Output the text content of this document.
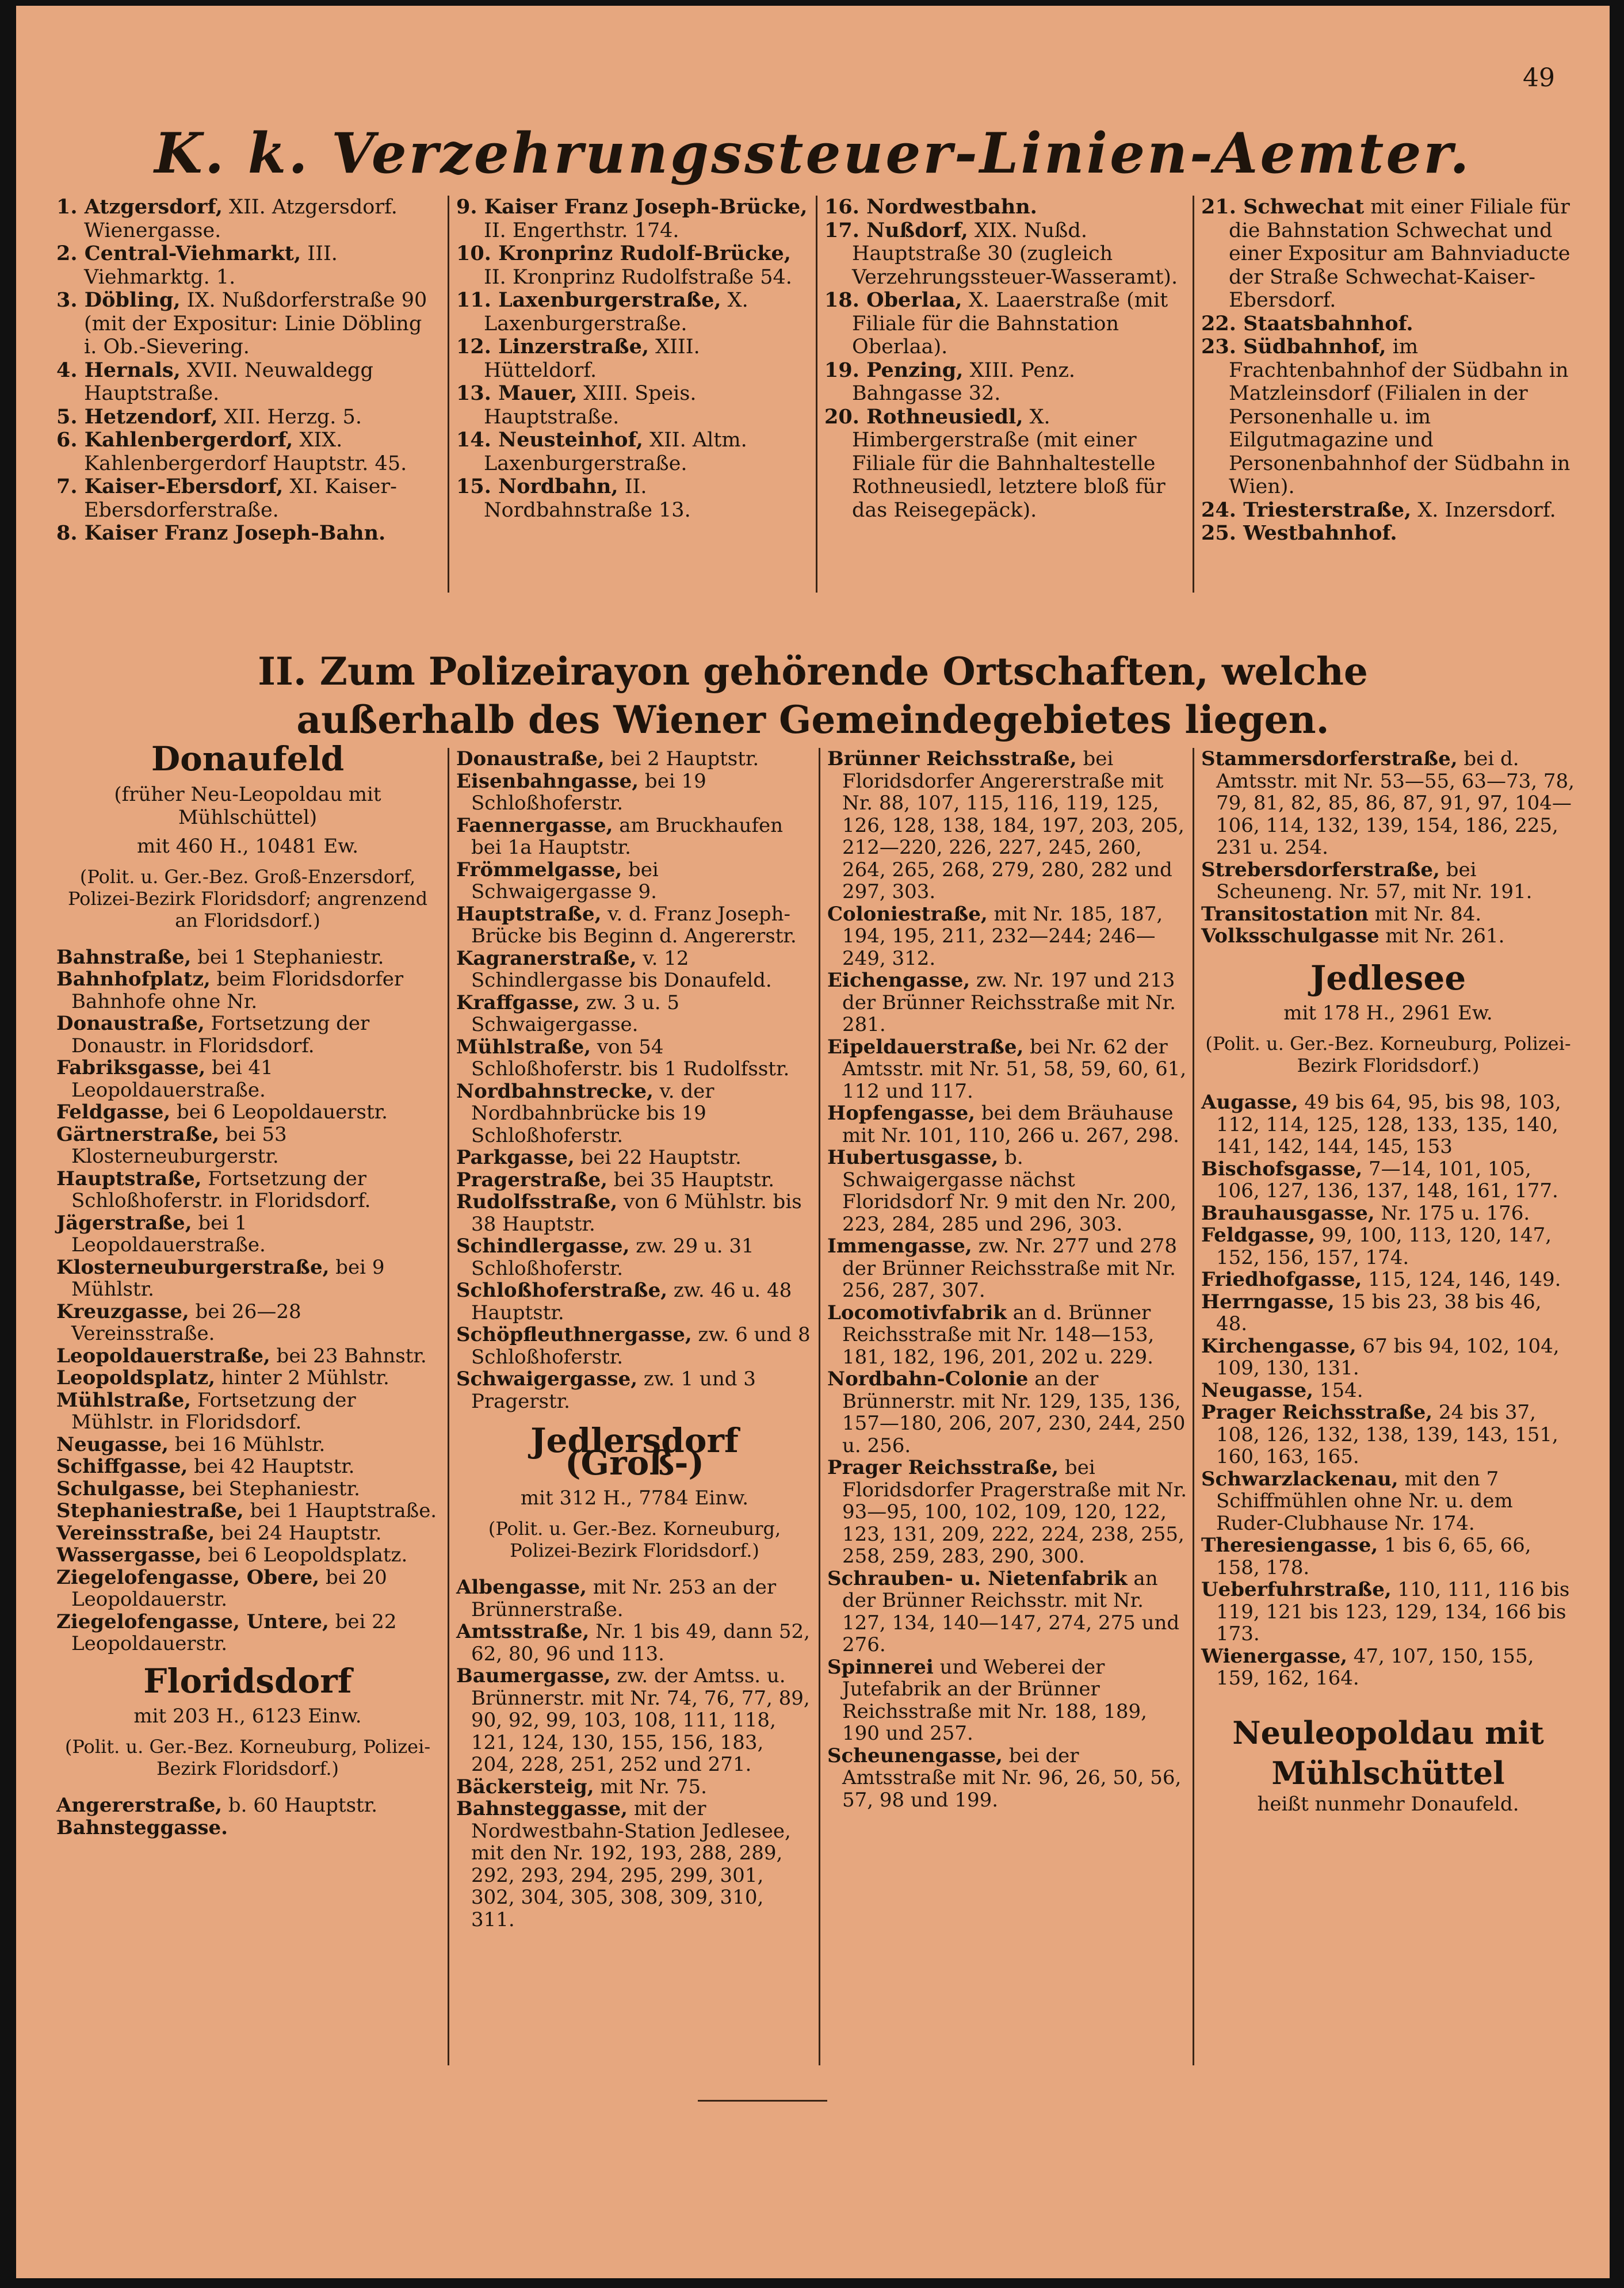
49
K. k. Verzehrungssteuer-Linien-Aemter.
1. Atzgersdorf, XII. Atzgersdorf. Wienergasse.
2. Central-Viehmarkt, III. Viehmarktg. 1.
3. Döbling, IX. Nußdorferstraße 90 (mit der Expositur: Linie Döbling i. Ob.-Sievering.
4. Hernals, XVII. Neuwaldegg Hauptstraße.
5. Hetzendorf, XII. Herzg. 5.
6. Kahlenbergerdorf, XIX. Kahlenbergerdorf Hauptstr. 45.
7. Kaiser-Ebersdorf, XI. Kaiser-Ebersdorferstraße.
8. Kaiser Franz Joseph-Bahn.
9. Kaiser Franz Joseph-Brücke, II. Engerthstr. 174.
10. Kronprinz Rudolf-Brücke, II. Kronprinz Rudolfstraße 54.
11. Laxenburgerstraße, X. Laxenburgerstraße.
12. Linzerstraße, XIII. Hütteldorf.
13. Mauer, XIII. Speis. Hauptstraße.
14. Neusteinhof, XII. Altm. Laxenburgerstraße.
15. Nordbahn, II. Nordbahnstraße 13.
16. Nordwestbahn.
17. Nußdorf, XIX. Nußd. Hauptstraße 30 (zugleich Verzehrungssteuer-Wasseramt).
18. Oberlaa, X. Laaerstraße (mit Filiale für die Bahnstation Oberlaa).
19. Penzing, XIII. Penz. Bahngasse 32.
20. Rothneusiedl, X. Himbergerstraße (mit einer Filiale für die Bahnhaltestelle Rothneusiedl, letztere bloß für das Reisegepäck).
21. Schwechat mit einer Filiale für die Bahnstation Schwechat und einer Expositur am Bahnviaducte der Straße Schwechat-Kaiser-Ebersdorf.
22. Staatsbahnhof.
23. Südbahnhof, im Frachtenbahnhof der Südbahn in Matzleinsdorf (Filialen in der Personenhalle u. im Eilgutmagazine und Personenbahnhof der Südbahn in Wien).
24. Triesterstraße, X. Inzersdorf.
25. Westbahnhof.
II. Zum Polizeirayon gehörende Ortschaften, welche außerhalb des Wiener Gemeindegebietes liegen.
Donaufeld
(früher Neu-Leopoldau mit Mühlschüttel)
mit 460 H., 10481 Ew.
(Polit. u. Ger.-Bez. Groß-Enzersdorf, Polizei-Bezirk Floridsdorf; angrenzend an Floridsdorf.)
Bahnstraße, bei 1 Stephaniestr.
Bahnhofplatz, beim Floridsdorfer Bahnhofe ohne Nr.
Donaustraße, Fortsetzung der Donaustr. in Floridsdorf.
Fabriksgasse, bei 41 Leopoldauerstraße.
Feldgasse, bei 6 Leopoldauerstr.
Gärtnerstraße, bei 53 Klosterneuburgerstr.
Hauptstraße, Fortsetzung der Schloßhoferstr. in Floridsdorf.
Jägerstraße, bei 1 Leopoldauerstraße.
Klosterneuburgerstraße, bei 9 Mühlstr.
Kreuzgasse, bei 26—28 Vereinsstraße.
Leopoldauerstraße, bei 23 Bahnstr.
Leopoldsplatz, hinter 2 Mühlstr.
Mühlstraße, Fortsetzung der Mühlstr. in Floridsdorf.
Neugasse, bei 16 Mühlstr.
Schiffgasse, bei 42 Hauptstr.
Schulgasse, bei Stephaniestr.
Stephaniestraße, bei 1 Hauptstraße.
Vereinsstraße, bei 24 Hauptstr.
Wassergasse, bei 6 Leopoldsplatz.
Ziegelofengasse, Obere, bei 20 Leopoldauerstr.
Ziegelofengasse, Untere, bei 22 Leopoldauerstr.
Floridsdorf
mit 203 H., 6123 Einw.
(Polit. u. Ger.-Bez. Korneuburg, Polizei-Bezirk Floridsdorf.)
Angererstraße, b. 60 Hauptstr.
Bahnsteggasse.
Donaustraße, bei 2 Hauptstr.
Eisenbahngasse, bei 19 Schloßhoferstr.
Faennergasse, am Bruckhaufen bei 1a Hauptstr.
Frömmelgasse, bei Schwaigergasse 9.
Hauptstraße, v. d. Franz Joseph-Brücke bis Beginn d. Angererstr.
Kagranerstraße, v. 12 Schindlergasse bis Donaufeld.
Kraffgasse, zw. 3 u. 5 Schwaigergasse.
Mühlstraße, von 54 Schloßhoferstr. bis 1 Rudolfsstr.
Nordbahnstrecke, v. der Nordbahnbrücke bis 19 Schloßhoferstr.
Parkgasse, bei 22 Hauptstr.
Pragerstraße, bei 35 Hauptstr.
Rudolfsstraße, von 6 Mühlstr. bis 38 Hauptstr.
Schindlergasse, zw. 29 u. 31 Schloßhoferstr.
Schloßhoferstraße, zw. 46 u. 48 Hauptstr.
Schöpfleuthnergasse, zw. 6 und 8 Schloßhoferstr.
Schwaigergasse, zw. 1 und 3 Pragerstr.
Jedlersdorf (Groß-)
mit 312 H., 7784 Einw.
(Polit. u. Ger.-Bez. Korneuburg, Polizei-Bezirk Floridsdorf.)
Albengasse, mit Nr. 253 an der Brünnerstraße.
Amtsstraße, Nr. 1 bis 49, dann 52, 62, 80, 96 und 113.
Baumergasse, zw. der Amtss. u. Brünnerstr. mit Nr. 74, 76, 77, 89, 90, 92, 99, 103, 108, 111, 118, 121, 124, 130, 155, 156, 183, 204, 228, 251, 252 und 271.
Bäckersteig, mit Nr. 75.
Bahnsteggasse, mit der Nordwestbahn-Station Jedlesee, mit den Nr. 192, 193, 288, 289, 292, 293, 294, 295, 299, 301, 302, 304, 305, 308, 309, 310, 311.
Brünner Reichsstraße, bei Floridsdorfer Angererstraße mit Nr. 88, 107, 115, 116, 119, 125, 126, 128, 138, 184, 197, 203, 205, 212—220, 226, 227, 245, 260, 264, 265, 268, 279, 280, 282 und 297, 303.
Coloniestraße, mit Nr. 185, 187, 194, 195, 211, 232—244; 246—249, 312.
Eichengasse, zw. Nr. 197 und 213 der Brünner Reichsstraße mit Nr. 281.
Eipeldauerstraße, bei Nr. 62 der Amtsstr. mit Nr. 51, 58, 59, 60, 61, 112 und 117.
Hopfengasse, bei dem Bräuhause mit Nr. 101, 110, 266 u. 267, 298.
Hubertusgasse, b. Schwaigergasse nächst Floridsdorf Nr. 9 mit den Nr. 200, 223, 284, 285 und 296, 303.
Immengasse, zw. Nr. 277 und 278 der Brünner Reichsstraße mit Nr. 256, 287, 307.
Locomotivfabrik an d. Brünner Reichsstraße mit Nr. 148—153, 181, 182, 196, 201, 202 u. 229.
Nordbahn-Colonie an der Brünnerstr. mit Nr. 129, 135, 136, 157—180, 206, 207, 230, 244, 250 u. 256.
Prager Reichsstraße, bei Floridsdorfer Pragerstraße mit Nr. 93—95, 100, 102, 109, 120, 122, 123, 131, 209, 222, 224, 238, 255, 258, 259, 283, 290, 300.
Schrauben- u. Nietenfabrik an der Brünner Reichsstr. mit Nr. 127, 134, 140—147, 274, 275 und 276.
Spinnerei und Weberei der Jutefabrik an der Brünner Reichsstraße mit Nr. 188, 189, 190 und 257.
Scheunengasse, bei der Amtsstraße mit Nr. 96, 26, 50, 56, 57, 98 und 199.
Stammersdorferstraße, bei d. Amtsstr. mit Nr. 53—55, 63—73, 78, 79, 81, 82, 85, 86, 87, 91, 97, 104—106, 114, 132, 139, 154, 186, 225, 231 u. 254.
Strebersdorferstraße, bei Scheuneng. Nr. 57, mit Nr. 191.
Transitostation mit Nr. 84.
Volksschulgasse mit Nr. 261.
Jedlesee
mit 178 H., 2961 Ew.
(Polit. u. Ger.-Bez. Korneuburg, Polizei-Bezirk Floridsdorf.)
Augasse, 49 bis 64, 95, bis 98, 103, 112, 114, 125, 128, 133, 135, 140, 141, 142, 144, 145, 153
Bischofsgasse, 7—14, 101, 105, 106, 127, 136, 137, 148, 161, 177.
Brauhausgasse, Nr. 175 u. 176.
Feldgasse, 99, 100, 113, 120, 147, 152, 156, 157, 174.
Friedhofgasse, 115, 124, 146, 149.
Herrngasse, 15 bis 23, 38 bis 46, 48.
Kirchengasse, 67 bis 94, 102, 104, 109, 130, 131.
Neugasse, 154.
Prager Reichsstraße, 24 bis 37, 108, 126, 132, 138, 139, 143, 151, 160, 163, 165.
Schwarzlackenau, mit den 7 Schiffmühlen ohne Nr. u. dem Ruder-Clubhause Nr. 174.
Theresiengasse, 1 bis 6, 65, 66, 158, 178.
Ueberfuhrstraße, 110, 111, 116 bis 119, 121 bis 123, 129, 134, 166 bis 173.
Wienergasse, 47, 107, 150, 155, 159, 162, 164.
Neuleopoldau mit
Mühlschüttel
heißt nunmehr Donaufeld.
